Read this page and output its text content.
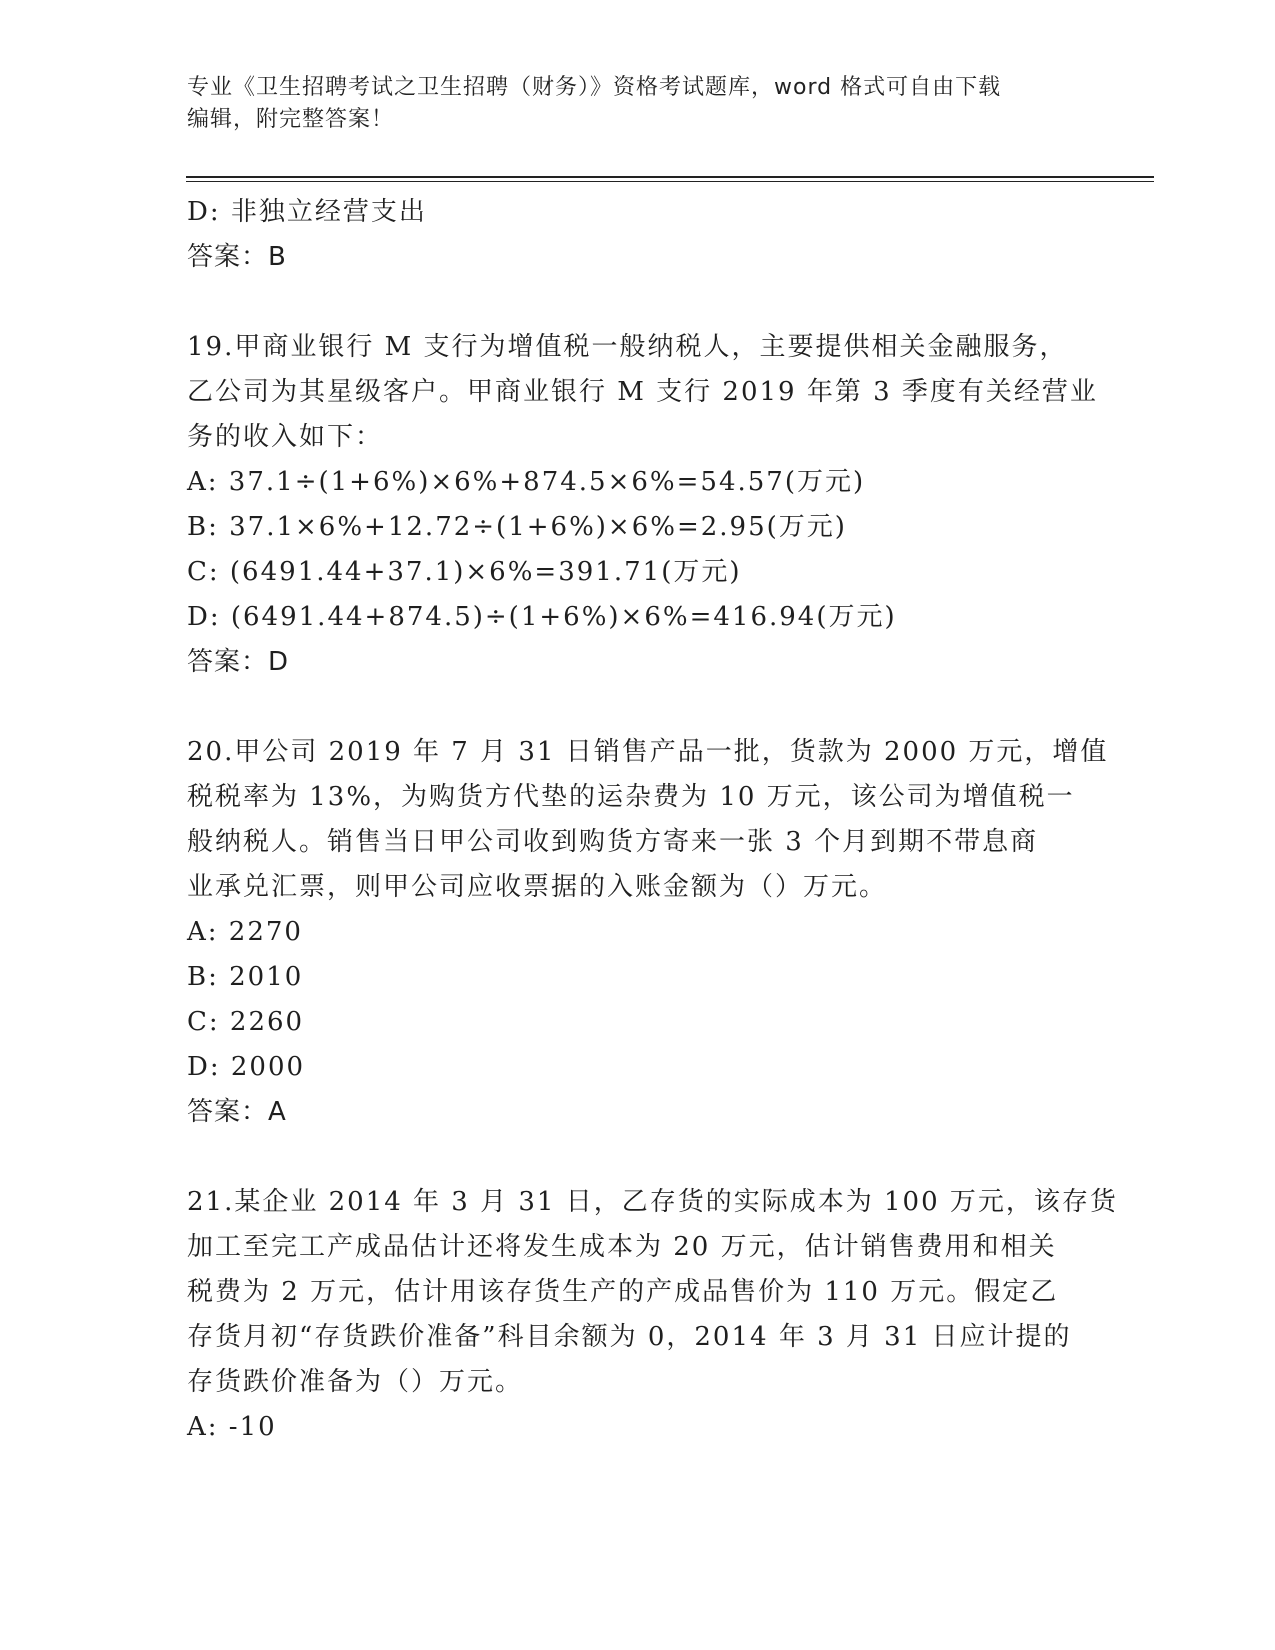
专业《卫生招聘考试之卫生招聘（财务）》资格考试题库，word 格式可自由下载
编辑，附完整答案！
D: 非独立经营支出
答案：B
19.甲商业银行 M 支行为增值税一般纳税人，主要提供相关金融服务，
乙公司为其星级客户。甲商业银行 M 支行 2019 年第 3 季度有关经营业
务的收入如下：
A: 37.1÷(1+6%)×6%+874.5×6%=54.57(万元)
B: 37.1×6%+12.72÷(1+6%)×6%=2.95(万元)
C: (6491.44+37.1)×6%=391.71(万元)
D: (6491.44+874.5)÷(1+6%)×6%=416.94(万元)
答案：D
20.甲公司 2019 年 7 月 31 日销售产品一批，货款为 2000 万元，增值
税税率为 13%，为购货方代垫的运杂费为 10 万元，该公司为增值税一
般纳税人。销售当日甲公司收到购货方寄来一张 3 个月到期不带息商
业承兑汇票，则甲公司应收票据的入账金额为（）万元。
A: 2270
B: 2010
C: 2260
D: 2000
答案：A
21.某企业 2014 年 3 月 31 日，乙存货的实际成本为 100 万元，该存货
加工至完工产成品估计还将发生成本为 20 万元，估计销售费用和相关
税费为 2 万元，估计用该存货生产的产成品售价为 110 万元。假定乙
存货月初“存货跌价准备”科目余额为 0，2014 年 3 月 31 日应计提的
存货跌价准备为（）万元。
A: -10
